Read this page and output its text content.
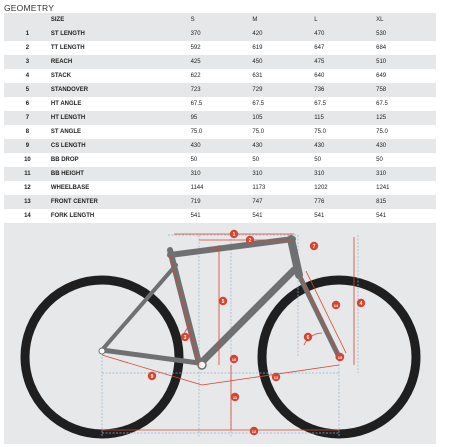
GEOMETRY
	SIZE	S	M	L	XL
1	ST LENGTH	370	420	470	530
2	TT LENGTH	592	619	647	684
3	REACH	425	450	475	510
4	STACK	622	631	640	649
5	STANDOVER	723	729	736	758
6	HT ANGLE	67.5	67.5	67.5	67.5
7	HT LENGTH	95	105	115	125
8	ST ANGLE	75.0	75.0	75.0	75.0
9	CS LENGTH	430	430	430	430
10	BB DROP	50	50	50	50
11	BB HEIGHT	310	310	310	310
12	WHEELBASE	1144	1173	1202	1241
13	FRONT CENTER	719	747	776	815
14	FORK LENGTH	541	541	541	541

70 mm
1
2
3
4
5
6
7
9
10
11
12
13
14
15
